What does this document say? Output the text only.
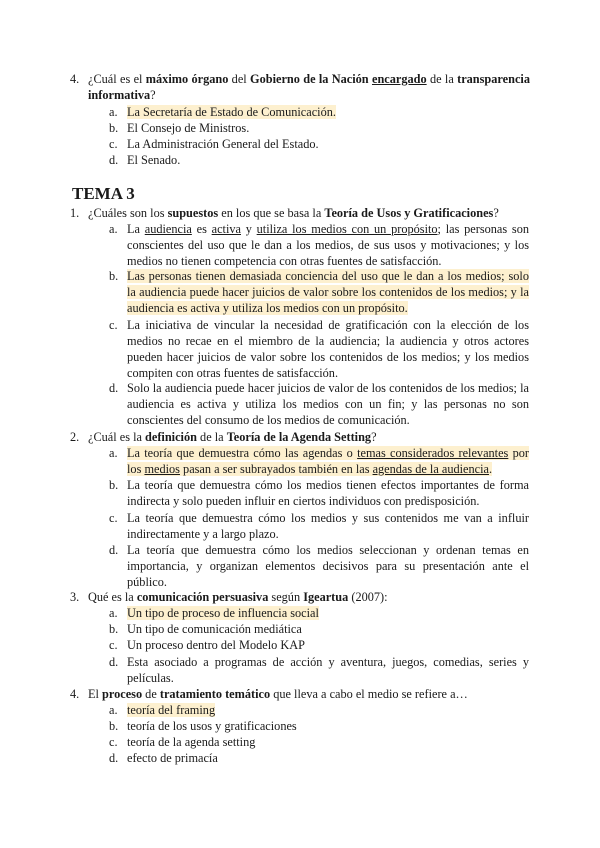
4. ¿Cuál es el máximo órgano del Gobierno de la Nación encargado de la transparencia informativa?
a. La Secretaría de Estado de Comunicación.
b. El Consejo de Ministros.
c. La Administración General del Estado.
d. El Senado.
TEMA 3
1. ¿Cuáles son los supuestos en los que se basa la Teoría de Usos y Gratificaciones?
a. La audiencia es activa y utiliza los medios con un propósito; las personas son conscientes del uso que le dan a los medios, de sus usos y motivaciones; y los medios no tienen competencia con otras fuentes de satisfacción.
b. Las personas tienen demasiada conciencia del uso que le dan a los medios; solo la audiencia puede hacer juicios de valor sobre los contenidos de los medios; y la audiencia es activa y utiliza los medios con un propósito.
c. La iniciativa de vincular la necesidad de gratificación con la elección de los medios no recae en el miembro de la audiencia; la audiencia y otros actores pueden hacer juicios de valor sobre los contenidos de los medios; y los medios compiten con otras fuentes de satisfacción.
d. Solo la audiencia puede hacer juicios de valor de los contenidos de los medios; la audiencia es activa y utiliza los medios con un fin; y las personas no son conscientes del consumo de los medios de comunicación.
2. ¿Cuál es la definición de la Teoría de la Agenda Setting?
a. La teoría que demuestra cómo las agendas o temas considerados relevantes por los medios pasan a ser subrayados también en las agendas de la audiencia.
b. La teoría que demuestra cómo los medios tienen efectos importantes de forma indirecta y solo pueden influir en ciertos individuos con predisposición.
c. La teoría que demuestra cómo los medios y sus contenidos me van a influir indirectamente y a largo plazo.
d. La teoría que demuestra cómo los medios seleccionan y ordenan temas en importancia, y organizan elementos decisivos para su presentación ante el público.
3. Qué es la comunicación persuasiva según Igeartua (2007):
a. Un tipo de proceso de influencia social
b. Un tipo de comunicación mediática
c. Un proceso dentro del Modelo KAP
d. Esta asociado a programas de acción y aventura, juegos, comedias, series y películas.
4. El proceso de tratamiento temático que lleva a cabo el medio se refiere a…
a. teoría del framing
b. teoría de los usos y gratificaciones
c. teoría de la agenda setting
d. efecto de primacía
